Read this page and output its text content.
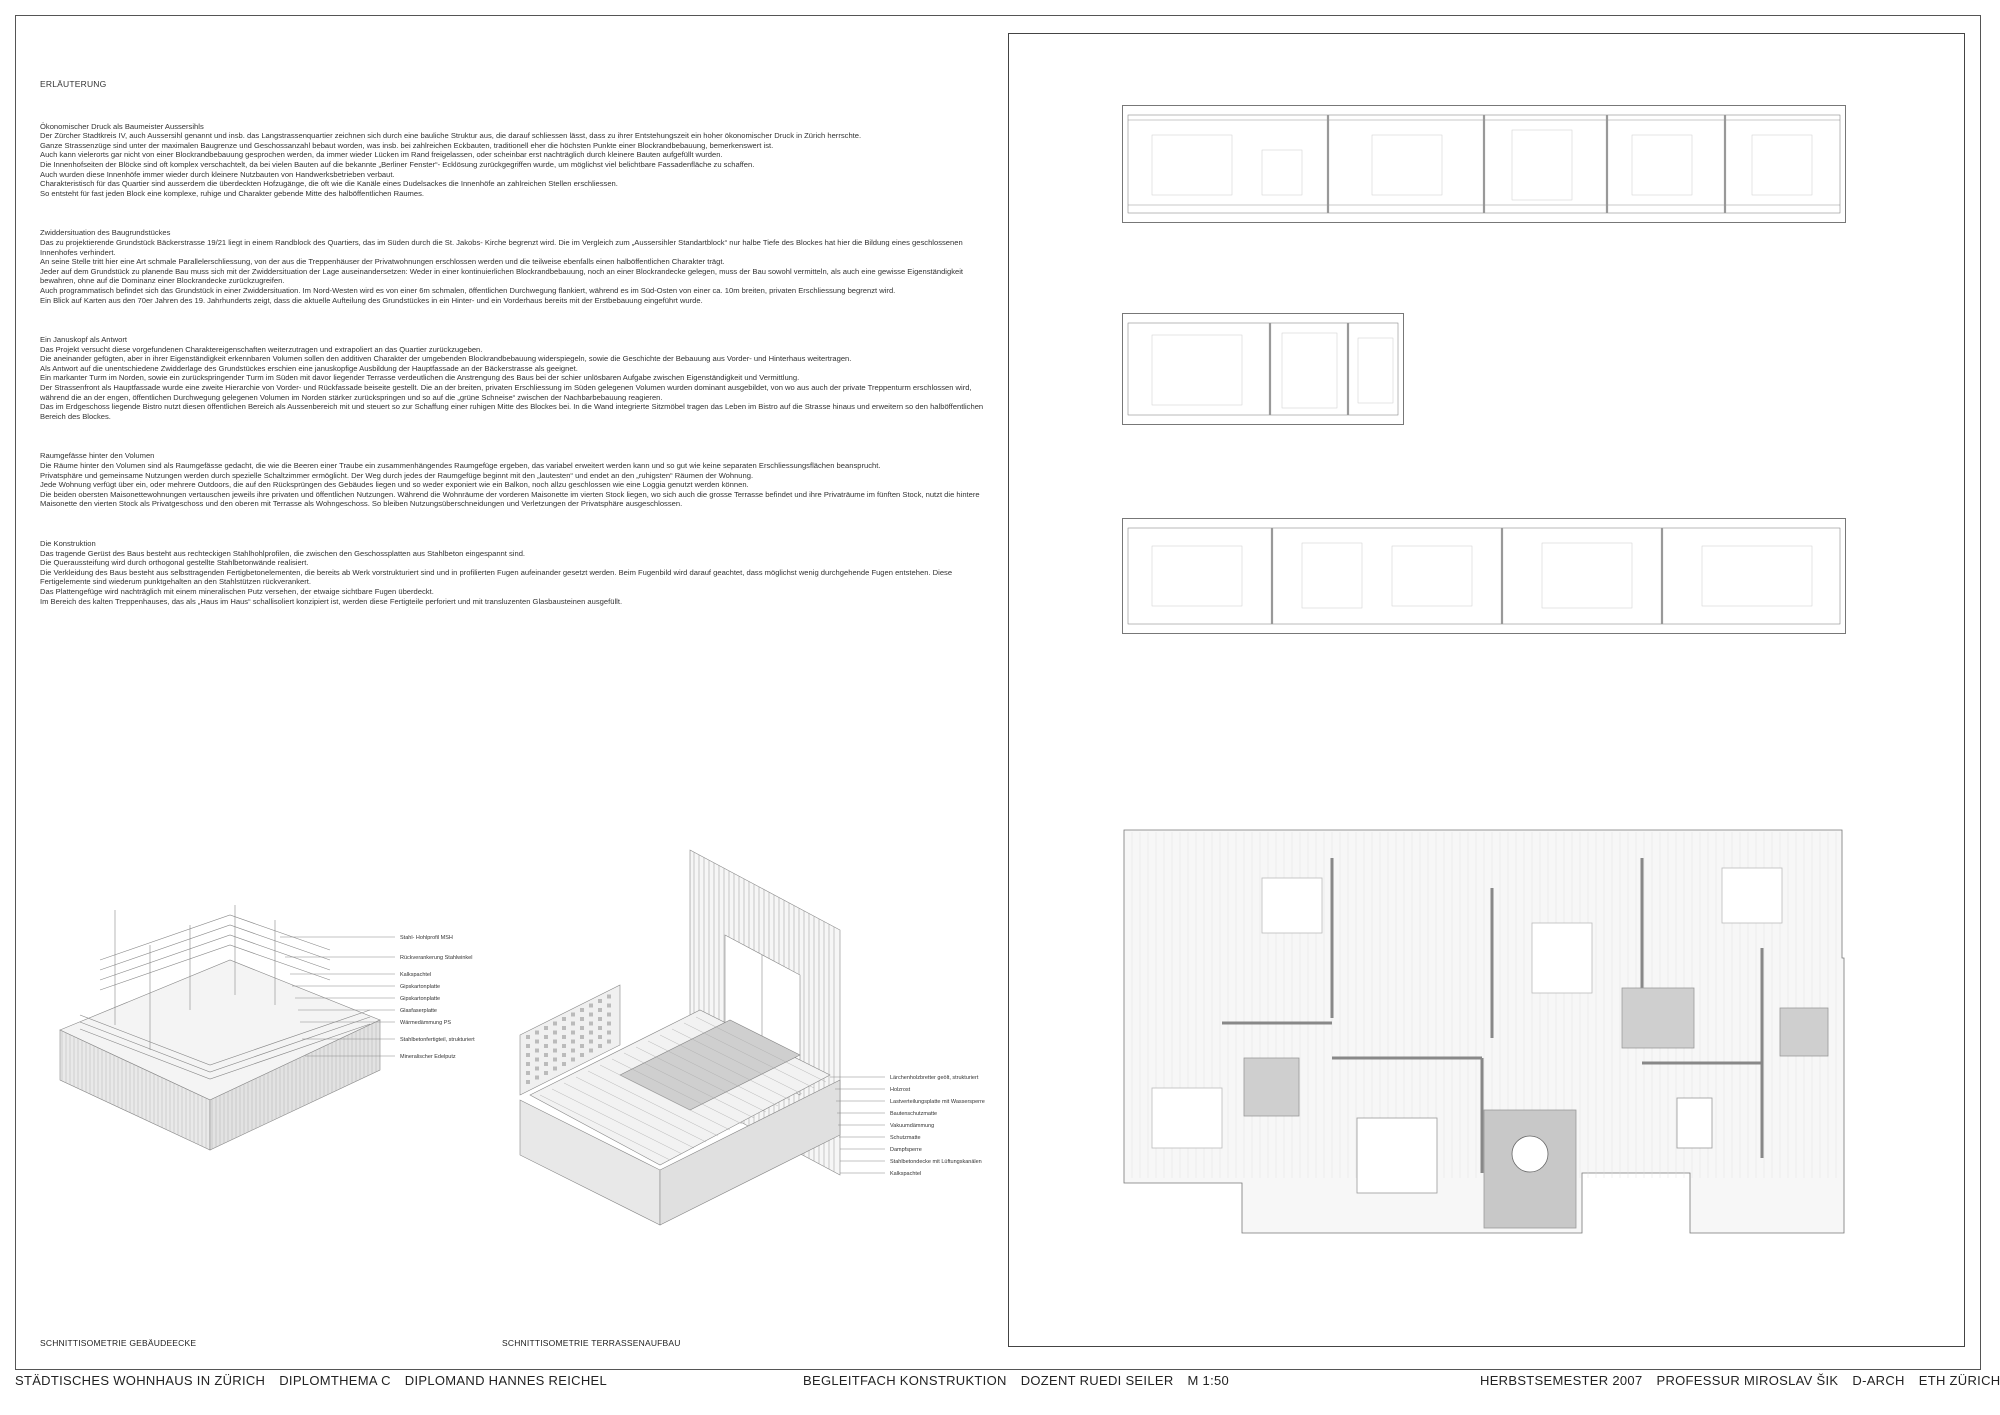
ERLÄUTERUNG
Ökonomischer Druck als Baumeister Aussersihls

Der Zürcher Stadtkreis IV, auch Aussersihl genannt und insb. das Langstrassenquartier zeichnen sich durch eine bauliche Struktur aus, die darauf schliessen lässt, dass zu ihrer Entstehungszeit ein hoher ökonomischer Druck in Zürich herrschte.

Ganze Strassenzüge sind unter der maximalen Baugrenze und Geschossanzahl bebaut worden, was insb. bei zahlreichen Eckbauten, traditionell eher die höchsten Punkte einer Blockrandbebauung, bemerkenswert ist.

Auch kann vielerorts gar nicht von einer Blockrandbebauung gesprochen werden, da immer wieder Lücken im Rand freigelassen, oder scheinbar erst nachträglich durch kleinere Bauten aufgefüllt wurden.

Die Innenhofseiten der Blöcke sind oft komplex verschachtelt, da bei vielen Bauten auf die bekannte „Berliner Fenster“- Ecklösung zurückgegriffen wurde, um möglichst viel belichtbare Fassadenfläche zu schaffen.

Auch wurden diese Innenhöfe immer wieder durch kleinere Nutzbauten von Handwerksbetrieben verbaut.

Charakteristisch für das Quartier sind ausserdem die überdeckten Hofzugänge, die oft wie die Kanäle eines Dudelsackes die Innenhöfe an zahlreichen Stellen erschliessen.

So entsteht für fast jeden Block eine komplexe, ruhige und Charakter gebende Mitte des halböffentlichen Raumes.

Zwiddersituation des Baugrundstückes

Das zu projektierende Grundstück Bäckerstrasse 19/21 liegt in einem Randblock des Quartiers, das im Süden durch die St. Jakobs- Kirche begrenzt wird. Die im Vergleich zum „Aussersihler Standartblock“ nur halbe Tiefe des Blockes hat hier die Bildung eines geschlossenen Innenhofes verhindert.

An seine Stelle tritt hier eine Art schmale Parallelerschliessung, von der aus die Treppenhäuser der Privatwohnungen erschlossen werden und die teilweise ebenfalls einen halböffentlichen Charakter trägt.

Jeder auf dem Grundstück zu planende Bau muss sich mit der Zwiddersituation der Lage auseinandersetzen: Weder in einer kontinuierlichen Blockrandbebauung, noch an einer Blockrandecke gelegen, muss der Bau sowohl vermitteln, als auch eine gewisse Eigenständigkeit bewahren, ohne auf die Dominanz einer Blockrandecke zurückzugreifen.

Auch programmatisch befindet sich das Grundstück in einer Zwiddersituation. Im Nord-Westen wird es von einer 6m schmalen, öffentlichen Durchwegung flankiert, während es im Süd-Osten von einer ca. 10m breiten, privaten Erschliessung begrenzt wird.

Ein Blick auf Karten aus den 70er Jahren des 19. Jahrhunderts zeigt, dass die aktuelle Aufteilung des Grundstückes in ein Hinter- und ein Vorderhaus bereits mit der Erstbebauung eingeführt wurde.

Ein Januskopf als Antwort

Das Projekt versucht diese vorgefundenen Charaktereigenschaften weiterzutragen und extrapoliert an das Quartier zurückzugeben.

Die aneinander gefügten, aber in ihrer Eigenständigkeit erkennbaren Volumen sollen den additiven Charakter der umgebenden Blockrandbebauung widerspiegeln, sowie die Geschichte der Bebauung aus Vorder- und Hinterhaus weitertragen.

Als Antwort auf die unentschiedene Zwidderlage des Grundstückes erschien eine januskopfige Ausbildung der Hauptfassade an der Bäckerstrasse als geeignet.

Ein markanter Turm im Norden, sowie ein zurückspringender Turm im Süden mit davor liegender Terrasse verdeutlichen die Anstrengung des Baus bei der schier unlösbaren Aufgabe zwischen Eigenständigkeit und Vermittlung.

Der Strassenfront als Hauptfassade wurde eine zweite Hierarchie von Vorder- und Rückfassade beiseite gestellt. Die an der breiten, privaten Erschliessung im Süden gelegenen Volumen wurden dominant ausgebildet, von wo aus auch der private Treppenturm erschlossen wird, während die an der engen, öffentlichen Durchwegung gelegenen Volumen im Norden stärker zurückspringen und so auf die „grüne Schneise“ zwischen der Nachbarbebauung reagieren.

Das im Erdgeschoss liegende Bistro nutzt diesen öffentlichen Bereich als Aussenbereich mit und steuert so zur Schaffung einer ruhigen Mitte des Blockes bei. In die Wand integrierte Sitzmöbel tragen das Leben im Bistro auf die Strasse hinaus und erweitern so den halböffentlichen Bereich des Blockes.

Raumgefässe hinter den Volumen

Die Räume hinter den Volumen sind als Raumgefässe gedacht, die wie die Beeren einer Traube ein zusammenhängendes Raumgefüge ergeben, das variabel erweitert werden kann und so gut wie keine separaten Erschliessungsflächen beansprucht.

Privatsphäre und gemeinsame Nutzungen werden durch spezielle Schaltzimmer ermöglicht. Der Weg durch jedes der Raumgefüge beginnt mit den „lautesten“ und endet an den „ruhigsten“ Räumen der Wohnung.

Jede Wohnung verfügt über ein, oder mehrere Outdoors, die auf den Rücksprüngen des Gebäudes liegen und so weder exponiert wie ein Balkon, noch allzu geschlossen wie eine Loggia genutzt werden können.

Die beiden obersten Maisonettewohnungen vertauschen jeweils ihre privaten und öffentlichen Nutzungen. Während die Wohnräume der vorderen Maisonette im vierten Stock liegen, wo sich auch die grosse Terrasse befindet und ihre Privaträume im fünften Stock, nutzt die hintere Maisonette den vierten Stock als Privatgeschoss und den oberen mit Terrasse als Wohngeschoss. So bleiben Nutzungsüberschneidungen und Verletzungen der Privatsphäre ausgeschlossen.

Die Konstruktion

Das tragende Gerüst des Baus besteht aus rechteckigen Stahlhohlprofilen, die zwischen den Geschossplatten aus Stahlbeton eingespannt sind.

Die Queraussteifung wird durch orthogonal gestellte Stahlbetonwände realisiert.

Die Verkleidung des Baus besteht aus selbsttragenden Fertigbetonelementen, die bereits ab Werk vorstrukturiert sind und in profilierten Fugen aufeinander gesetzt werden. Beim Fugenbild wird darauf geachtet, dass möglichst wenig durchgehende Fugen entstehen. Diese Fertigelemente sind wiederum punktgehalten an den Stahlstützen rückverankert.

Das Plattengefüge wird nachträglich mit einem mineralischen Putz versehen, der etwaige sichtbare Fugen überdeckt.

Im Bereich des kalten Treppenhauses, das als „Haus im Haus“ schallisoliert konzipiert ist, werden diese Fertigteile perforiert und mit transluzenten Glasbausteinen ausgefüllt.

Stahl- Hohlprofil MSH
Rückverankerung Stahlwinkel
Kalkspachtel
Gipskartonplatte
Gipskartonplatte
Glasfaserplatte
Wärmedämmung PS
Stahlbetonfertigteil, strukturiert
Mineralischer Edelputz
Lärchenholzbretter geölt, strukturiert
Holzrost
Lastverteilungsplatte mit Wassersperre
Bautenschutzmatte
Vakuumdämmung
Schutzmatte
Dampfsperre
Stahlbetondecke mit Lüftungskanälen
Kalkspachtel
SCHNITTISOMETRIE GEBÄUDEECKE	SCHNITTISOMETRIE TERRASSENAUFBAU
STÄDTISCHES WOHNHAUS IN ZÜRICH DIPLOMTHEMA C DIPLOMAND HANNES REICHEL	BEGLEITFACH KONSTRUKTION DOZENT RUEDI SEILER M 1:50	HERBSTSEMESTER 2007 PROFESSUR MIROSLAV ŠIK D-ARCH ETH ZÜRICH
